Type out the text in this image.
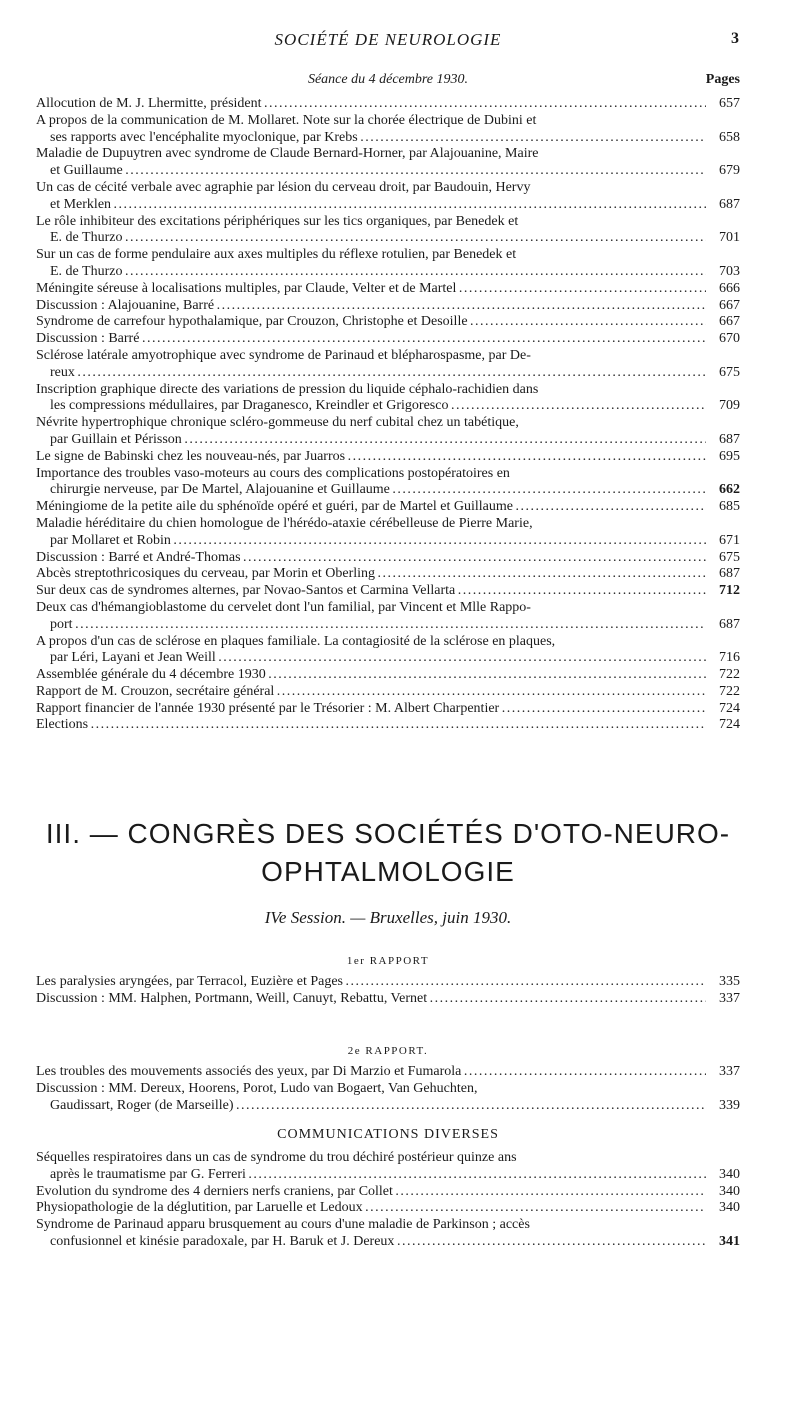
SOCIÉTÉ DE NEUROLOGIE	3
Séance du 4 décembre 1930.	Pages
Allocution de M. J. Lhermitte, président . . .	657
A propos de la communication de M. Mollaret. Note sur la chorée électrique de Dubini et
ses rapports avec l'encéphalite myoclonique, par Krebs . . .	658
Maladie de Dupuytren avec syndrome de Claude Bernard-Horner, par Alajouanine, Maire
et Guillaume . . .	679
Un cas de cécité verbale avec agraphie par lésion du cerveau droit, par Baudouin, Hervy
et Merklen . . .	687
Le rôle inhibiteur des excitations périphériques sur les tics organiques, par Benedek et
E. de Thurzo . . .	701
Sur un cas de forme pendulaire aux axes multiples du réflexe rotulien, par Benedek et
E. de Thurzo . . .	703
Méningite séreuse à localisations multiples, par Claude, Velter et de Martel . . .	666
Discussion : Alajouanine, Barré . . .	667
Syndrome de carrefour hypothalamique, par Crouzon, Christophe et Desoille . . .	667
Discussion : Barré . . .	670
Sclérose latérale amyotrophique avec syndrome de Parinaud et blépharospasme, par De-
reux . . .	675
Inscription graphique directe des variations de pression du liquide céphalo-rachidien dans
les compressions médullaires, par Draganesco, Kreindler et Grigoresco . . .	709
Névrite hypertrophique chronique scléro-gommeuse du nerf cubital chez un tabétique,
par Guillain et Périsson . . .	687
Le signe de Babinski chez les nouveau-nés, par Juarros . . .	695
Importance des troubles vaso-moteurs au cours des complications postopératoires en
chirurgie nerveuse, par De Martel, Alajouanine et Guillaume . . .	662
Méningiome de la petite aile du sphénoïde opéré et guéri, par de Martel et Guillaume . . .	685
Maladie héréditaire du chien homologue de l'hérédo-ataxie cérébelleuse de Pierre Marie,
par Mollaret et Robin . . .	671
Discussion : Barré et André-Thomas . . .	675
Abcès streptothricosiques du cerveau, par Morin et Oberling . . .	687
Sur deux cas de syndromes alternes, par Novao-Santos et Carmina Vellarta . . .	712
Deux cas d'hémangioblastome du cervelet dont l'un familial, par Vincent et Mlle Rappo-
port . . .	687
A propos d'un cas de sclérose en plaques familiale. La contagiosité de la sclérose en plaques,
par Léri, Layani et Jean Weill . . .	716
Assemblée générale du 4 décembre 1930 . . .	722
Rapport de M. Crouzon, secrétaire général . . .	722
Rapport financier de l'année 1930 présenté par le Trésorier : M. Albert Charpentier . . .	724
Elections . . .	724
III. — CONGRÈS DES SOCIÉTÉS D'OTO-NEURO-
OPHTALMOLOGIE
IVe Session. — Bruxelles, juin 1930.
1er RAPPORT
Les paralysies aryngées, par Terracol, Euzière et Pages . . .	335
Discussion : MM. Halphen, Portmann, Weill, Canuyt, Rebattu, Vernet . . .	337
2e RAPPORT.
Les troubles des mouvements associés des yeux, par Di Marzio et Fumarola . . .	337
Discussion : MM. Dereux, Hoorens, Porot, Ludo van Bogaert, Van Gehuchten,
Gaudissart, Roger (de Marseille) . . .	339
COMMUNICATIONS DIVERSES
Séquelles respiratoires dans un cas de syndrome du trou déchiré postérieur quinze ans
après le traumatisme par G. Ferreri . . .	340
Evolution du syndrome des 4 derniers nerfs craniens, par Collet . . .	340
Physiopathologie de la déglutition, par Laruelle et Ledoux . . .	340
Syndrome de Parinaud apparu brusquement au cours d'une maladie de Parkinson ; accès
confusionnel et kinésie paradoxale, par H. Baruk et J. Dereux . . .	341
